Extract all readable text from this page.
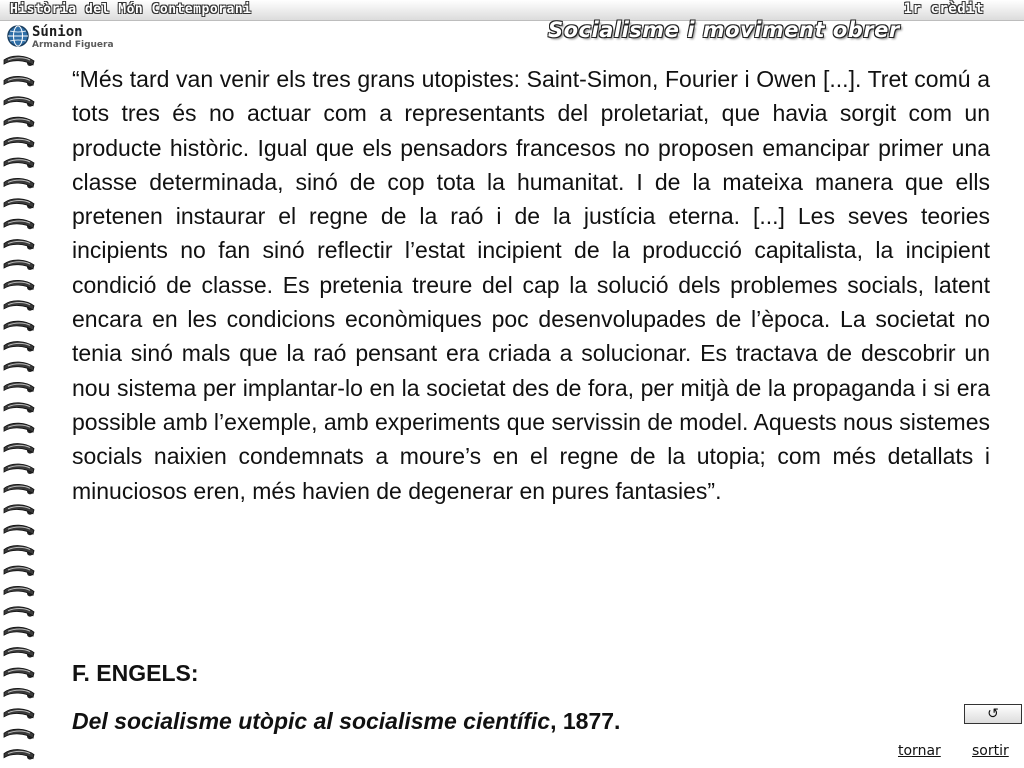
Història del Món Contemporani	1r crèdit
Súnion
Armand Figuera
Socialisme i moviment obrer

“Més tard van venir els tres grans utopistes: Saint-Simon, Fourier i Owen [...]. Tret comú a tots tres és no actuar com a representants del proletariat, que havia sorgit com un producte històric. Igual que els pensadors francesos no proposen emancipar primer una classe determinada, sinó de cop tota la humanitat. I de la mateixa manera que ells pretenen instaurar el regne de la raó i de la justícia eterna. [...] Les seves teories incipients no fan sinó reflectir l’estat incipient de la producció capitalista, la incipient condició de classe. Es pretenia treure del cap la solució dels problemes socials, latent encara en les condicions econòmiques poc desenvolupades de l’època. La societat no tenia sinó mals que la raó pensant era criada a solucionar. Es tractava de descobrir un nou sistema per implantar-lo en la societat des de fora, per mitjà de la propaganda i si era possible amb l’exemple, amb experiments que servissin de model. Aquests nous sistemes socials naixien condemnats a moure’s en el regne de la utopia; com més detallats i minuciosos eren, més havien de degenerar en pures fantasies”.

F. ENGELS:
Del socialisme utòpic al socialisme científic, 1877.	↺
tornar sortir
